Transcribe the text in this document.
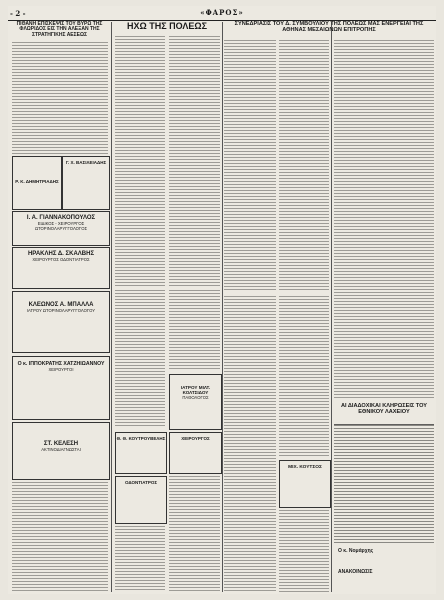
- 2 -	«ΦΑΡΟΣ»
ΠΙΘΑΝΗ ΕΠΙΣΚΕΨΙΣ ΤΟΥ ΒΥΡΩ ΤΗΣ ΦΛΩΡΙΔΟΣ ΕΙΣ ΤΗΝ ΑΛΕΞΑΝ ΤΗΣ ΣΤΡΑΤΗΓΙΚΗΣ ΑΕΣΕΩΣ
Ρ. Κ. ΔΗΜΗΤΡΙΑΔΗΣ
Γ. Χ. ΒΑΣΙΛΕΙΑΔΗΣ
Ι. Α. ΓΙΑΝΝΑΚΟΠΟΥΛΟΣ
ΕΙΔΙΚΟΣ - ΧΕΙΡΟΥΡΓΟΣ ΩΤΟΡΙΝΟΛΑΡΥΓΓΟΛΟΓΟΣ
ΗΡΑΚΛΗΣ Δ. ΣΚΑΛΒΗΣ
ΧΕΙΡΟΥΡΓΟΣ ΟΔΟΝΤΙΑΤΡΟΣ
ΚΛΕΩΝΟΣ Α. ΜΠΑΛΛΑ
ΙΑΤΡΟΥ ΩΤΟΡΙΝΟΛΑΡΥΓΓΟΛΟΓΟΥ
Ο κ. ΙΠΠΟΚΡΑΤΗΣ ΧΑΤΖΗΙΩΑΝΝΟΥ
ΧΕΙΡΟΥΡΓΟΙ
ΣΤ. ΚΕΛΕΣΗ
ΑΚΤΙΝΟΔΙΑΓΝΩΣΤΑΙ
ΗΧΩ ΤΗΣ ΠΟΛΕΩΣ
ΙΑΤΡΟΥ ΜΙΛΤ. ΚΟΛΤΣΙΔΟΥ
ΠΑΘΟΛΟΓΟΣ
Θ. Θ. ΚΟΥΤΡΟΥΒΕΛΗΣ	ΧΕΙΡΟΥΡΓΟΣ
ΟΔΟΝΤΙΑΤΡΟΣ
ΣΥΝΕΔΡΙΑΣΙΣ ΤΟΥ Δ. ΣΥΜΒΟΥΛΙΟΥ ΤΗΣ ΠΟΛΕΩΣ ΜΑΣ ΕΝΕΡΓΕΙΑΙ ΤΗΣ ΑΘΗΝΑΣ ΜΕΣΑΙΩΝΩΝ ΕΠΙΤΡΟΠΗΣ
ΜΙΧ. ΚΟΥΤΣΟΣ
ΑΙ ΔΙΑΔΟΧΙΚΑΙ ΚΛΗΡΩΣΕΙΣ ΤΟΥ ΕΘΝΙΚΟΥ ΛΑΧΕΙΟΥ
Ο κ. Νομάρχης
ΑΝΑΚΟΙΝΩΣΙΣ
